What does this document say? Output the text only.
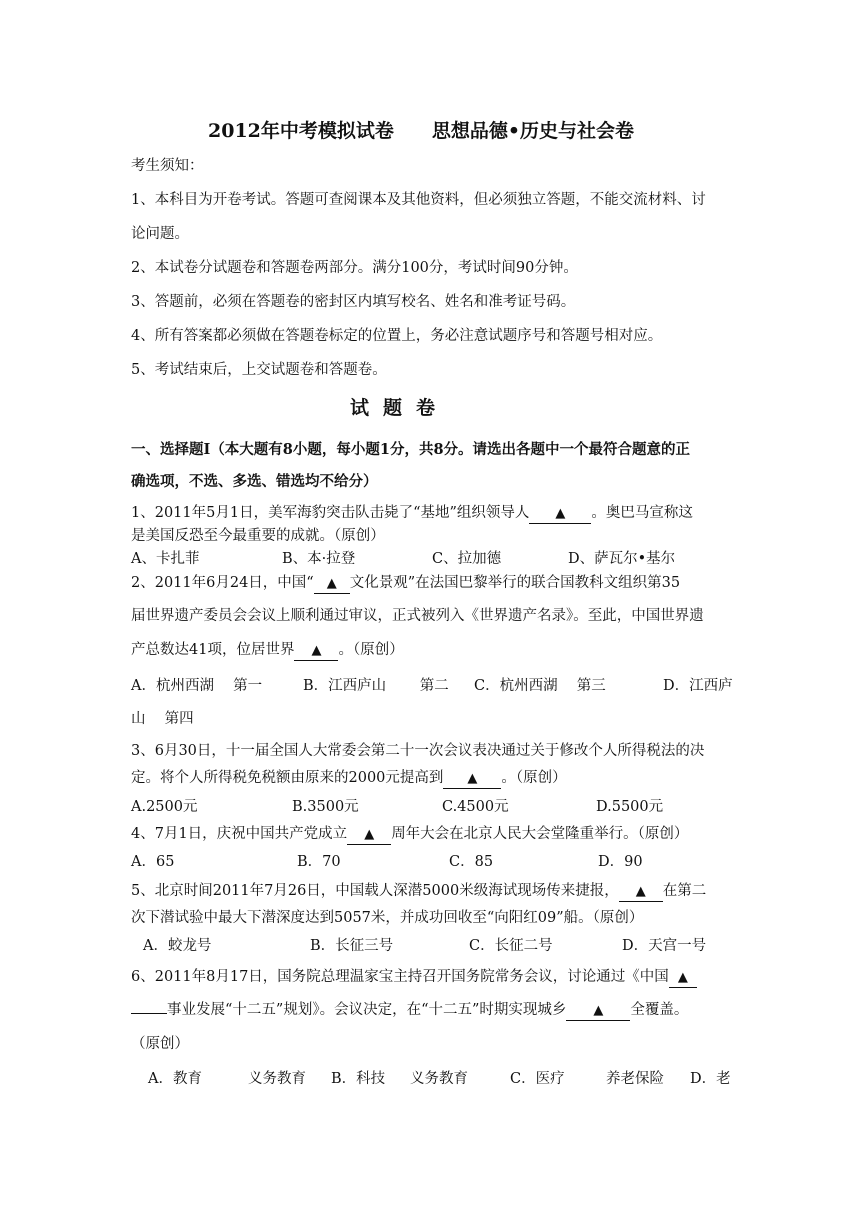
2012年中考模拟试卷　　思想品德•历史与社会卷
考生须知：
1、本科目为开卷考试。答题可查阅课本及其他资料，但必须独立答题，不能交流材料、讨
论问题。
2、本试卷分试题卷和答题卷两部分。满分100分，考试时间90分钟。
3、答题前，必须在答题卷的密封区内填写校名、姓名和准考证号码。
4、所有答案都必须做在答题卷标定的位置上，务必注意试题序号和答题号相对应。
5、考试结束后，上交试题卷和答题卷。
试题卷
一、选择题Ⅰ（本大题有8小题，每小题1分，共8分。请选出各题中一个最符合题意的正
确选项，不选、多选、错选均不给分）
1、2011年5月1日，美军海豹突击队击毙了“基地”组织领导人 ▲ 。奥巴马宣称这
是美国反恐至今最重要的成就。（原创）
A、卡扎菲	B、本·拉登	C、拉加德	D、萨瓦尔•基尔
2、2011年6月24日，中国“ ▲ 文化景观”在法国巴黎举行的联合国教科文组织第35
届世界遗产委员会会议上顺利通过审议，正式被列入《世界遗产名录》。至此，中国世界遗
产总数达41项，位居世界 ▲ 。（原创）
A．杭州西湖　 第一	B．江西庐山　　 第二 C．杭州西湖　 第三	D．江西庐
山　 第四
3、6月30日，十一届全国人大常委会第二十一次会议表决通过关于修改个人所得税法的决
定。将个人所得税免税额由原来的2000元提高到 ▲ 。（原创）
A.2500元	B.3500元	C.4500元	D.5500元
4、7月1日，庆祝中国共产党成立 ▲ 周年大会在北京人民大会堂隆重举行。（原创）
A．65	B．70	C．85	D．90
5、北京时间2011年7月26日，中国载人深潜5000米级海试现场传来捷报， ▲ 在第二
次下潜试验中最大下潜深度达到5057米，并成功回收至“向阳红09”船。（原创）
A．蛟龙号	B．长征三号	C．长征二号	D．天宫一号
6、2011年8月17日，国务院总理温家宝主持召开国务院常务会议，讨论通过《中国 ▲
事业发展“十二五”规划》。会议决定，在“十二五”时期实现城乡 ▲ 全覆盖。
（原创）
A．教育	义务教育 B．科技 义务教育	C．医疗	养老保险 D．老
